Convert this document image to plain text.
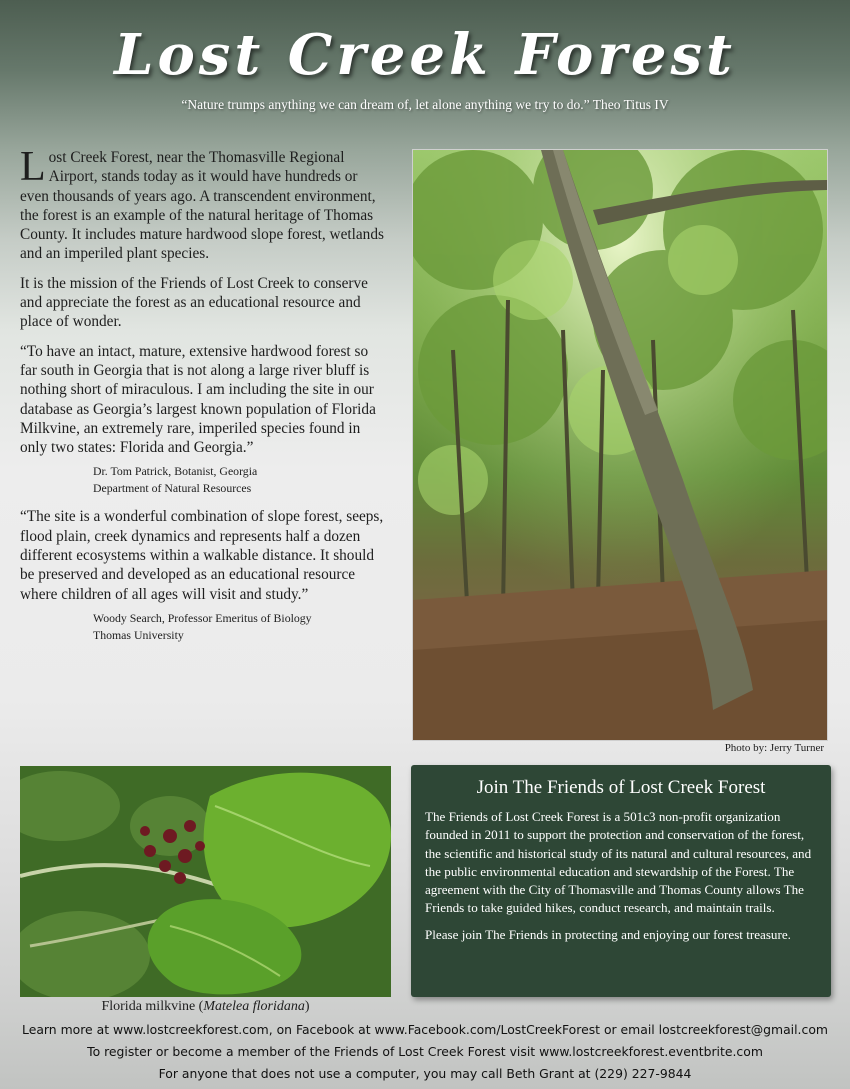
Lost Creek Forest
“Nature trumps anything we can dream of, let alone anything we try to do.” Theo Titus IV

Lost Creek Forest, near the Thomasville Regional Airport, stands today as it would have hundreds or even thousands of years ago. A transcendent environment, the forest is an example of the natural heritage of Thomas County. It includes mature hardwood slope forest, wetlands and an imperiled plant species.

It is the mission of the Friends of Lost Creek to conserve and appreciate the forest as an educational resource and place of wonder.

“To have an intact, mature, extensive hardwood forest so far south in Georgia that is not along a large river bluff is nothing short of miraculous. I am including the site in our database as Georgia’s largest known population of Florida Milkvine, an extremely rare, imperiled species found in only two states: Florida and Georgia.”

Dr. Tom Patrick, Botanist, Georgia
Department of Natural Resources

“The site is a wonderful combination of slope forest, seeps, flood plain, creek dynamics and represents half a dozen different ecosystems within a walkable distance. It should be preserved and developed as an educational resource where children of all ages will visit and study.”

Woody Search, Professor Emeritus of Biology
Thomas University
Photo by: Jerry Turner
Florida milkvine (Matelea floridana)
Join The Friends of Lost Creek Forest

The Friends of Lost Creek Forest is a 501c3 non-profit organization founded in 2011 to support the protection and conservation of the forest, the scientific and historical study of its natural and cultural resources, and the public environmental education and stewardship of the Forest. The agreement with the City of Thomasville and Thomas County allows The Friends to take guided hikes, conduct research, and maintain trails.

Please join The Friends in protecting and enjoying our forest treasure.

Learn more at www.lostcreekforest.com, on Facebook at www.Facebook.com/LostCreekForest or email lostcreekforest@gmail.com
To register or become a member of the Friends of Lost Creek Forest visit www.lostcreekforest.eventbrite.com
For anyone that does not use a computer, you may call Beth Grant at (229) 227-9844
